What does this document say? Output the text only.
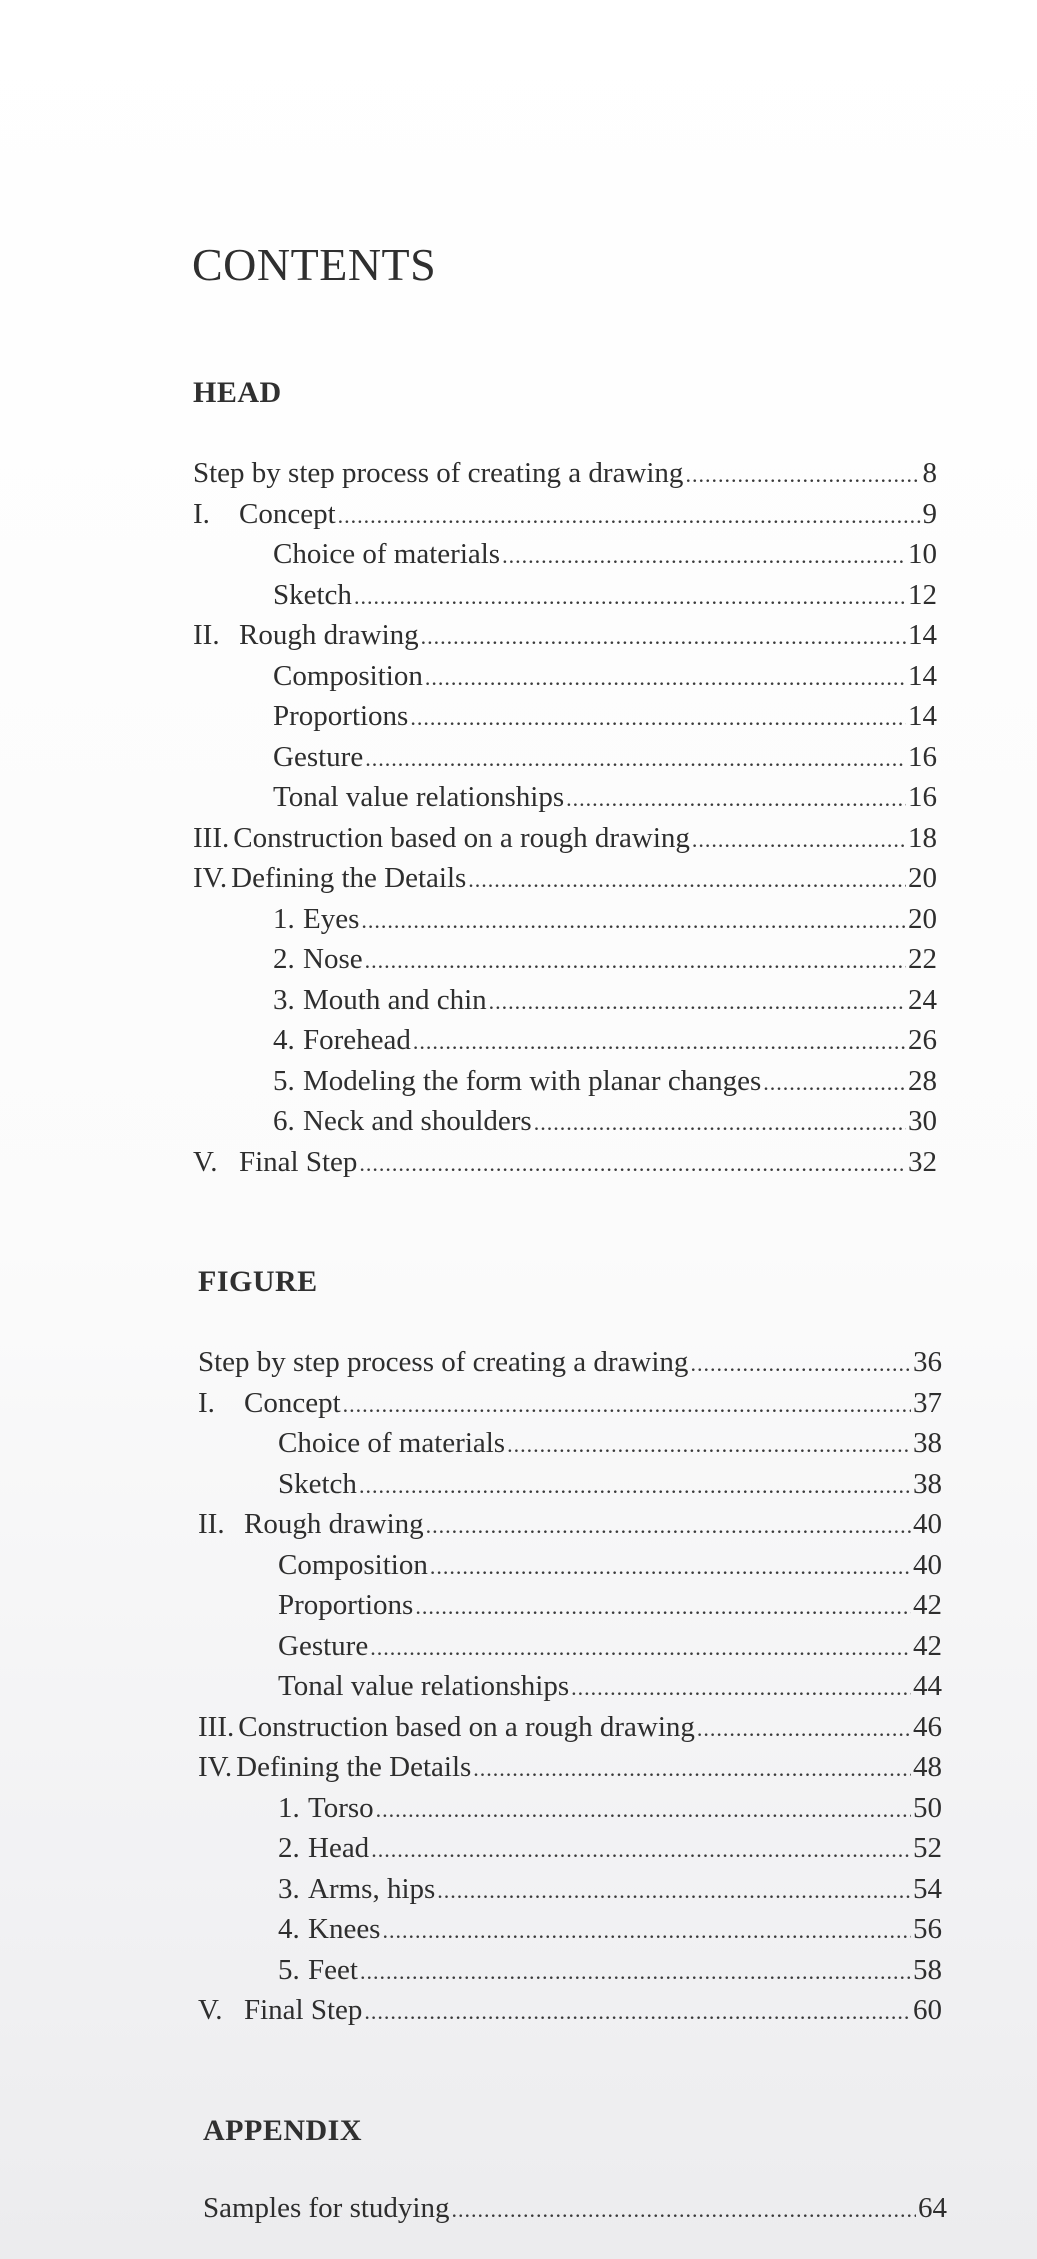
CONTENTS
HEAD
Step by step process of creating a drawing .....	8
I.	Concept .....	9
Choice of materials .....	10
Sketch .....	12
II. Rough drawing .....	14
Composition .....	14
Proportions .....	14
Gesture .....	16
Tonal value relationships .....	16
III. Construction based on a rough drawing .....	18
IV. Defining the Details .....	20
1. Eyes .....	20
2. Nose .....	22
3. Mouth and chin .....	24
4. Forehead .....	26
5. Modeling the form with planar changes .....	28
6. Neck and shoulders .....	30
V. Final Step .....	32
FIGURE
Step by step process of creating a drawing .....	36
I.	Concept .....	37
Choice of materials .....	38
Sketch .....	38
II. Rough drawing .....	40
Composition .....	40
Proportions .....	42
Gesture .....	42
Tonal value relationships .....	44
III. Construction based on a rough drawing .....	46
IV. Defining the Details .....	48
1. Torso .....	50
2. Head .....	52
3. Arms, hips .....	54
4. Knees .....	56
5. Feet .....	58
V. Final Step .....	60
APPENDIX
Samples for studying .....	64
